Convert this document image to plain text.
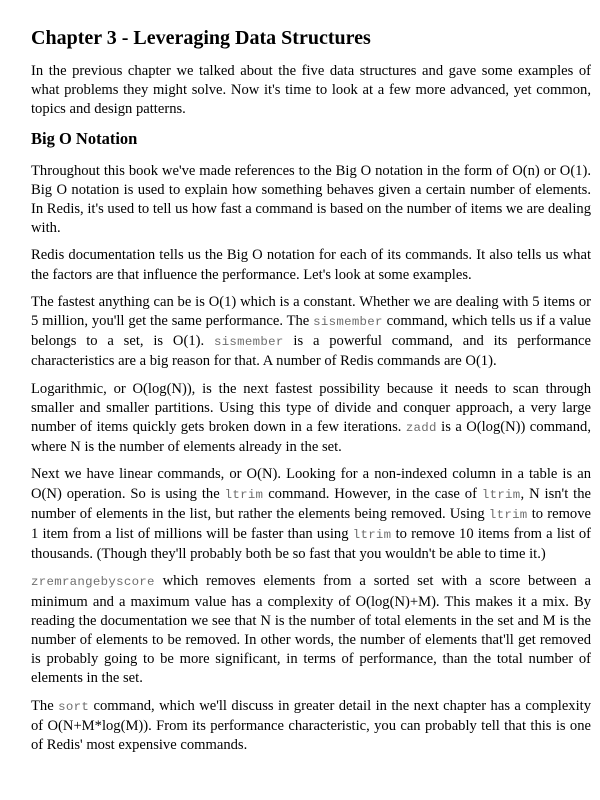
Chapter 3 - Leveraging Data Structures

In the previous chapter we talked about the five data structures and gave some examples of what problems they might solve. Now it's time to look at a few more advanced, yet common, topics and design patterns.

Big O Notation

Throughout this book we've made references to the Big O notation in the form of O(n) or O(1). Big O notation is used to explain how something behaves given a certain number of elements. In Redis, it's used to tell us how fast a command is based on the number of items we are dealing with.

Redis documentation tells us the Big O notation for each of its commands. It also tells us what the factors are that influence the performance. Let's look at some examples.

The fastest anything can be is O(1) which is a constant. Whether we are dealing with 5 items or 5 million, you'll get the same performance. The sismember command, which tells us if a value belongs to a set, is O(1). sismember is a powerful command, and its performance characteristics are a big reason for that. A number of Redis commands are O(1).

Logarithmic, or O(log(N)), is the next fastest possibility because it needs to scan through smaller and smaller partitions. Using this type of divide and conquer approach, a very large number of items quickly gets broken down in a few iterations. zadd is a O(log(N)) command, where N is the number of elements already in the set.

Next we have linear commands, or O(N). Looking for a non-indexed column in a table is an O(N) operation. So is using the ltrim command. However, in the case of ltrim, N isn't the number of elements in the list, but rather the elements being removed. Using ltrim to remove 1 item from a list of millions will be faster than using ltrim to remove 10 items from a list of thousands. (Though they'll probably both be so fast that you wouldn't be able to time it.)

zremrangebyscore which removes elements from a sorted set with a score between a minimum and a maximum value has a complexity of O(log(N)+M). This makes it a mix. By reading the documentation we see that N is the number of total elements in the set and M is the number of elements to be removed. In other words, the number of elements that'll get removed is probably going to be more significant, in terms of performance, than the total number of elements in the set.

The sort command, which we'll discuss in greater detail in the next chapter has a complexity of O(N+M*log(M)). From its performance characteristic, you can probably tell that this is one of Redis' most expensive commands.
